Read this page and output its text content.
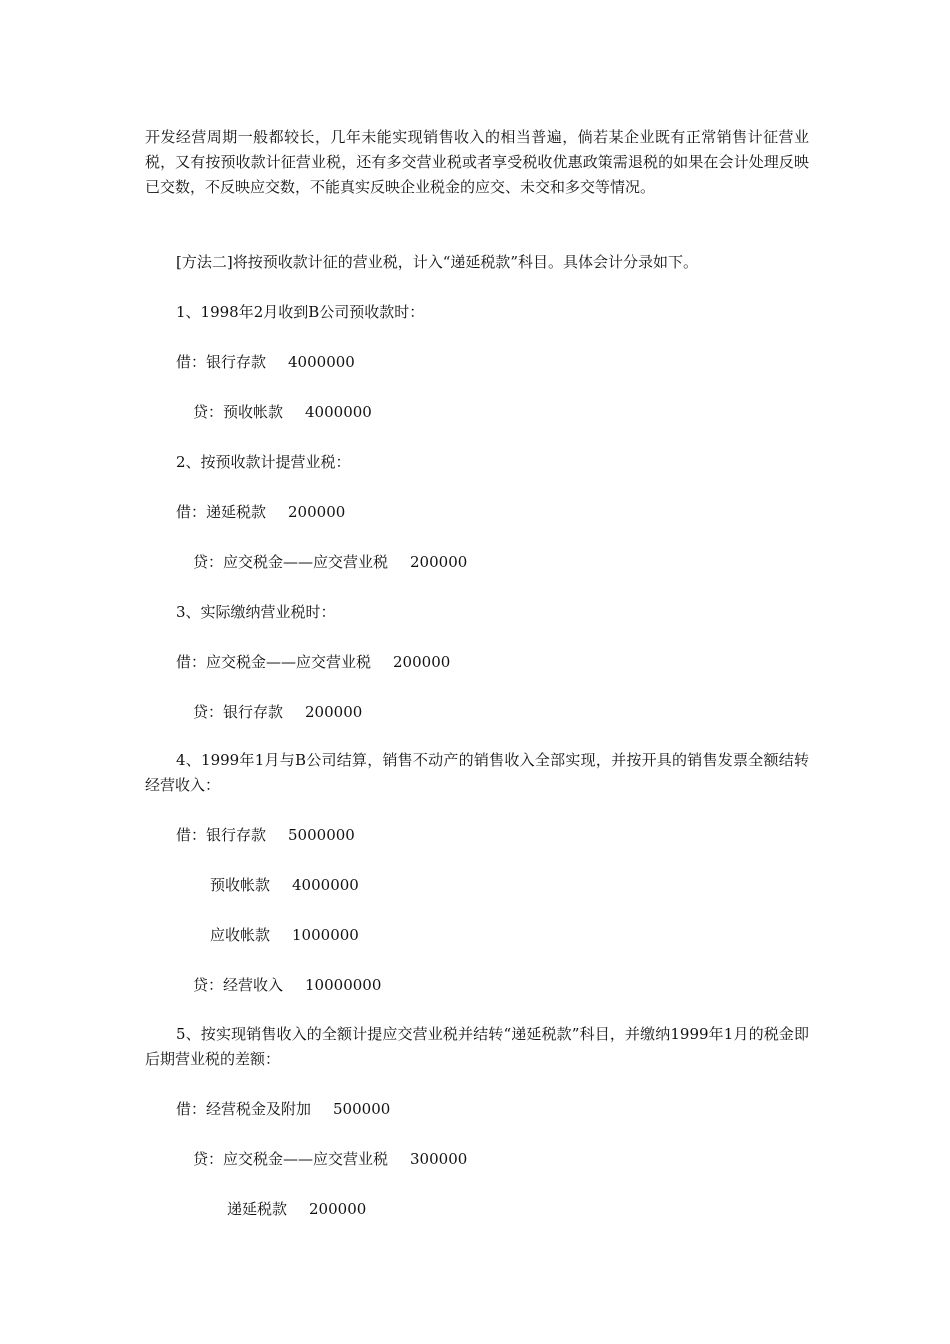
开发经营周期一般都较长，几年未能实现销售收入的相当普遍，倘若某企业既有正常销售计征营业税，又有按预收款计征营业税，还有多交营业税或者享受税收优惠政策需退税的如果在会计处理反映已交数，不反映应交数，不能真实反映企业税金的应交、未交和多交等情况。

[方法二]将按预收款计征的营业税，计入“递延税款”科目。具体会计分录如下。

1、1998年2月收到B公司预收款时：

借：银行存款 4000000
贷：预收帐款 4000000

2、按预收款计提营业税：

借：递延税款 200000
贷：应交税金——应交营业税 200000

3、实际缴纳营业税时：

借：应交税金——应交营业税 200000
贷：银行存款 200000

4、1999年1月与B公司结算，销售不动产的销售收入全部实现，并按开具的销售发票全额结转经营收入：

借：银行存款 5000000
预收帐款 4000000
应收帐款 1000000
贷：经营收入 10000000

5、按实现销售收入的全额计提应交营业税并结转“递延税款”科目，并缴纳1999年1月的税金即后期营业税的差额：

借：经营税金及附加 500000
贷：应交税金——应交营业税 300000
递延税款 200000
